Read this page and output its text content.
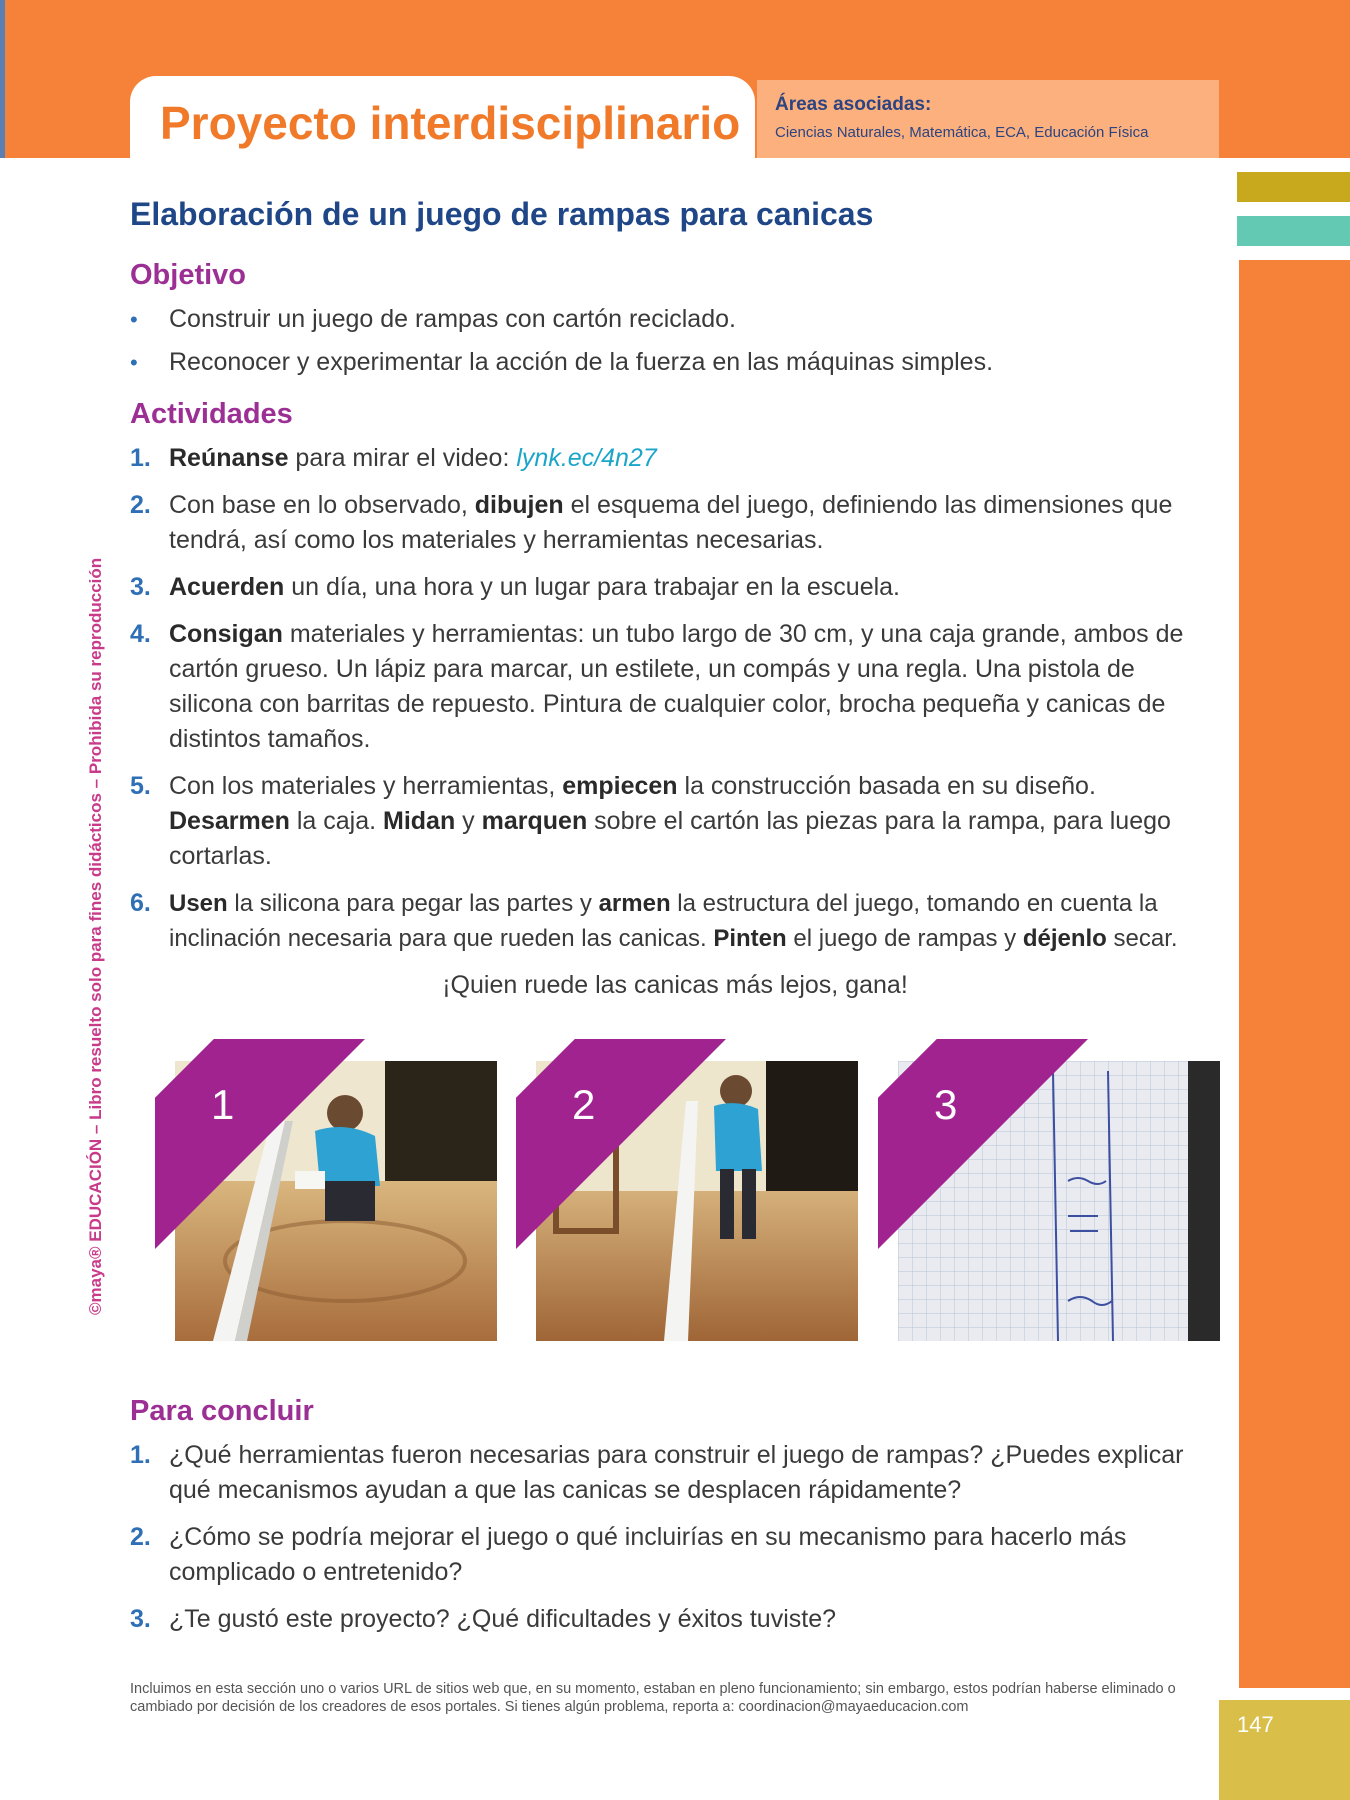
Proyecto interdisciplinario Áreas asociadas:
Ciencias Naturales, Matemática, ECA, Educación Física
147
©maya® EDUCACIÓN – Libro resuelto solo para fines didácticos – Prohibida su reproducción
Elaboración de un juego de rampas para canicas
Objetivo
• Construir un juego de rampas con cartón reciclado.
• Reconocer y experimentar la acción de la fuerza en las máquinas simples.
Actividades
1. Reúnanse para mirar el video: lynk.ec/4n27
2. Con base en lo observado, dibujen el esquema del juego, definiendo las dimensiones que tendrá, así como los materiales y herramientas necesarias.
3. Acuerden un día, una hora y un lugar para trabajar en la escuela.
4. Consigan materiales y herramientas: un tubo largo de 30 cm, y una caja grande, ambos de cartón grueso. Un lápiz para marcar, un estilete, un compás y una regla. Una pistola de silicona con barritas de repuesto. Pintura de cualquier color, brocha pequeña y canicas de distintos tamaños.
5. Con los materiales y herramientas, empiecen la construcción basada en su diseño. Desarmen la caja. Midan y marquen sobre el cartón las piezas para la rampa, para luego cortarlas.
6. Usen la silicona para pegar las partes y armen la estructura del juego, tomando en cuenta la inclinación necesaria para que rueden las canicas. Pinten el juego de rampas y déjenlo secar.

¡Quien ruede las canicas más lejos, gana!

1	2	3
Para concluir
1. ¿Qué herramientas fueron necesarias para construir el juego de rampas? ¿Puedes explicar qué mecanismos ayudan a que las canicas se desplacen rápidamente?
2. ¿Cómo se podría mejorar el juego o qué incluirías en su mecanismo para hacerlo más complicado o entretenido?
3. ¿Te gustó este proyecto? ¿Qué dificultades y éxitos tuviste?
Incluimos en esta sección uno o varios URL de sitios web que, en su momento, estaban en pleno funcionamiento; sin embargo, estos podrían haberse eliminado o cambiado por decisión de los creadores de esos portales. Si tienes algún problema, reporta a: coordinacion@mayaeducacion.com
